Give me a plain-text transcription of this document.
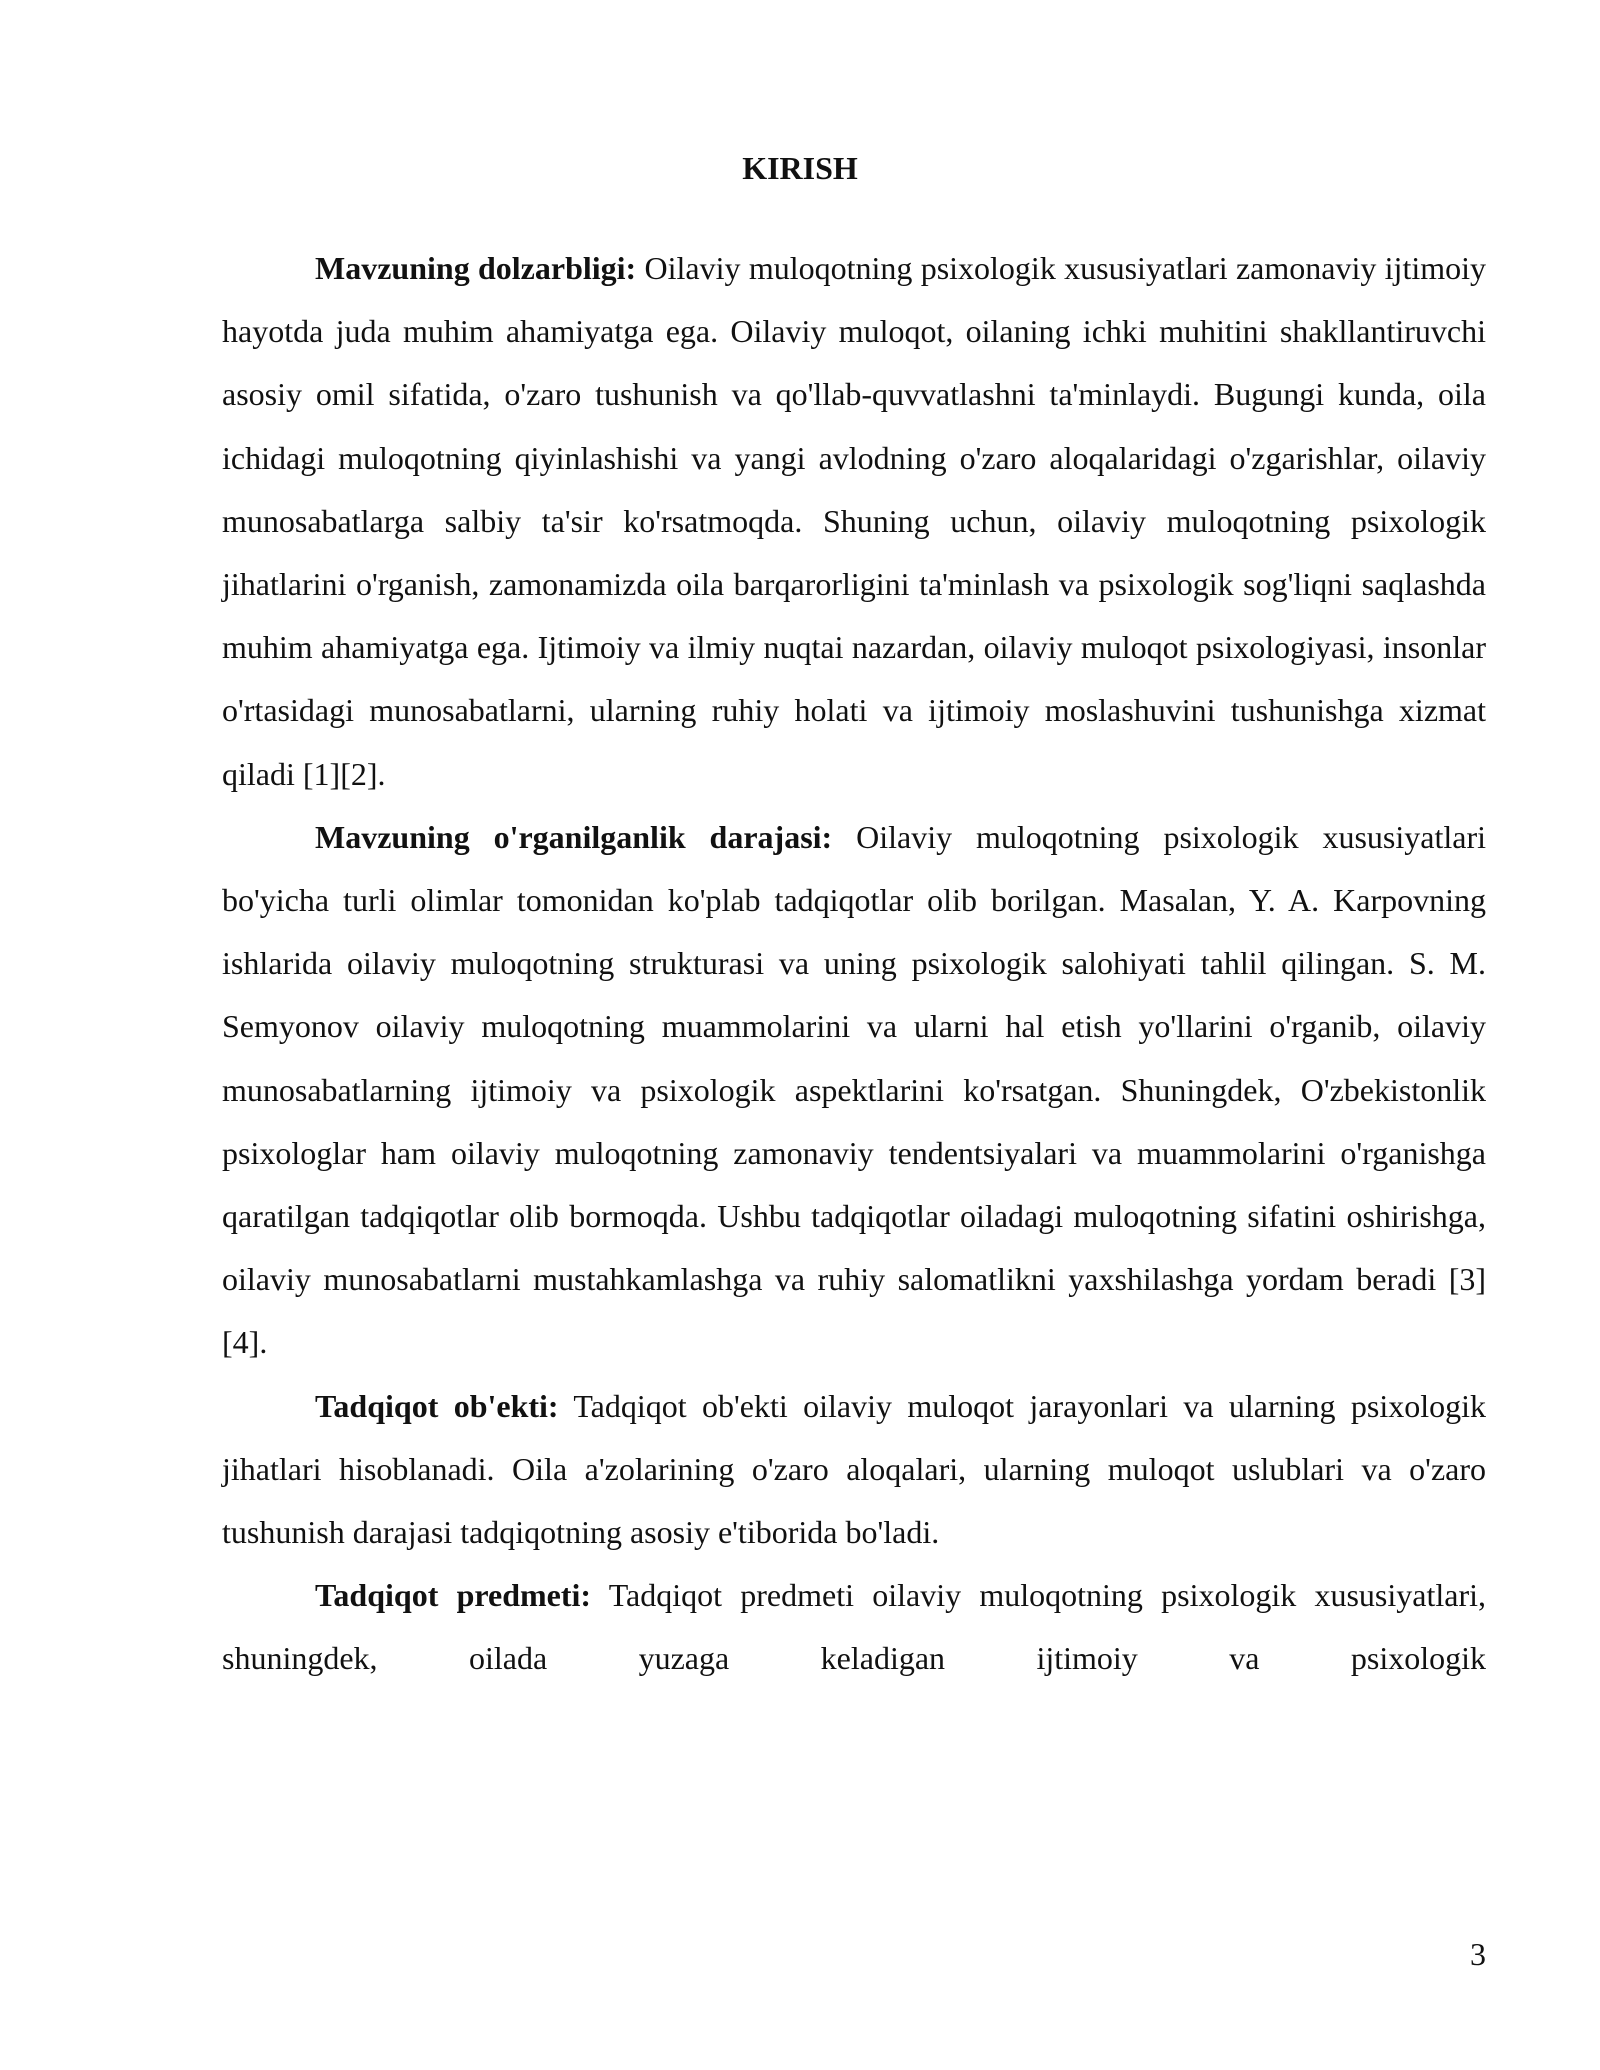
KIRISH

Mavzuning dolzarbligi: Oilaviy muloqotning psixologik xususiyatlari zamonaviy ijtimoiy hayotda juda muhim ahamiyatga ega. Oilaviy muloqot, oilaning ichki muhitini shakllantiruvchi asosiy omil sifatida, o'zaro tushunish va qo'llab-quvvatlashni ta'minlaydi. Bugungi kunda, oila ichidagi muloqotning qiyinlashishi va yangi avlodning o'zaro aloqalaridagi o'zgarishlar, oilaviy munosabatlarga salbiy ta'sir ko'rsatmoqda. Shuning uchun, oilaviy muloqotning psixologik jihatlarini o'rganish, zamonamizda oila barqarorligini ta'minlash va psixologik sog'liqni saqlashda muhim ahamiyatga ega. Ijtimoiy va ilmiy nuqtai nazardan, oilaviy muloqot psixologiyasi, insonlar o'rtasidagi munosabatlarni, ularning ruhiy holati va ijtimoiy moslashuvini tushunishga xizmat qiladi [1][2].

Mavzuning o'rganilganlik darajasi: Oilaviy muloqotning psixologik xususiyatlari bo'yicha turli olimlar tomonidan ko'plab tadqiqotlar olib borilgan. Masalan, Y. A. Karpovning ishlarida oilaviy muloqotning strukturasi va uning psixologik salohiyati tahlil qilingan. S. M. Semyonov oilaviy muloqotning muammolarini va ularni hal etish yo'llarini o'rganib, oilaviy munosabatlarning ijtimoiy va psixologik aspektlarini ko'rsatgan. Shuningdek, O'zbekistonlik psixologlar ham oilaviy muloqotning zamonaviy tendentsiyalari va muammolarini o'rganishga qaratilgan tadqiqotlar olib bormoqda. Ushbu tadqiqotlar oiladagi muloqotning sifatini oshirishga, oilaviy munosabatlarni mustahkamlashga va ruhiy salomatlikni yaxshilashga yordam beradi [3][4].

Tadqiqot ob'ekti: Tadqiqot ob'ekti oilaviy muloqot jarayonlari va ularning psixologik jihatlari hisoblanadi. Oila a'zolarining o'zaro aloqalari, ularning muloqot uslublari va o'zaro tushunish darajasi tadqiqotning asosiy e'tiborida bo'ladi.

Tadqiqot predmeti: Tadqiqot predmeti oilaviy muloqotning psixologik xususiyatlari, shuningdek, oilada yuzaga keladigan ijtimoiy va psixologik

3
